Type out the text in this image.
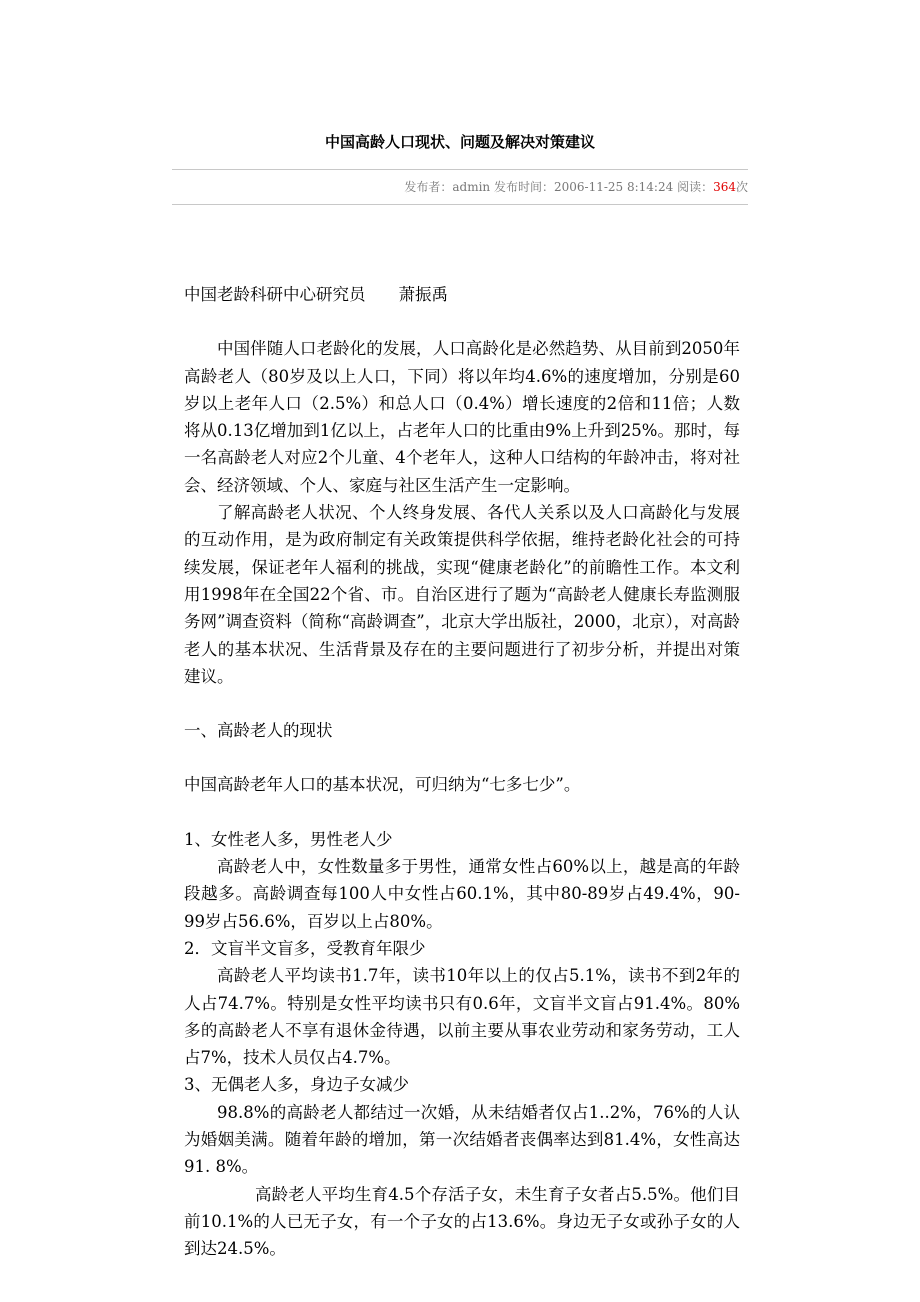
中国高龄人口现状、问题及解决对策建议
发布者：admin 发布时间：2006-11-25 8:14:24 阅读：364次

中国老龄科研中心研究员 萧振禹

中国伴随人口老龄化的发展，人口高龄化是必然趋势、从目前到2050年高龄老人（80岁及以上人口，下同）将以年均4.6%的速度增加，分别是60岁以上老年人口（2.5%）和总人口（0.4%）增长速度的2倍和11倍；人数将从0.13亿增加到1亿以上，占老年人口的比重由9%上升到25%。那时，每一名高龄老人对应2个儿童、4个老年人，这种人口结构的年龄冲击，将对社会、经济领域、个人、家庭与社区生活产生一定影响。

了解高龄老人状况、个人终身发展、各代人关系以及人口高龄化与发展的互动作用，是为政府制定有关政策提供科学依据，维持老龄化社会的可持续发展，保证老年人福利的挑战，实现“健康老龄化”的前瞻性工作。本文利用1998年在全国22个省、市。自治区进行了题为“高龄老人健康长寿监测服务网”调查资料（简称“高龄调查”，北京大学出版社，2000，北京），对高龄老人的基本状况、生活背景及存在的主要问题进行了初步分析，并提出对策建议。

一、高龄老人的现状

中国高龄老年人口的基本状况，可归纳为“七多七少”。

1、女性老人多，男性老人少

高龄老人中，女性数量多于男性，通常女性占60%以上，越是高的年龄段越多。高龄调查每100人中女性占60.1%，其中80-89岁占49.4%，90-99岁占56.6%，百岁以上占80%。

2．文盲半文盲多，受教育年限少

高龄老人平均读书1.7年，读书10年以上的仅占5.1%，读书不到2年的人占74.7%。特别是女性平均读书只有0.6年，文盲半文盲占91.4%。80%多的高龄老人不享有退休金待遇，以前主要从事农业劳动和家务劳动，工人占7%，技术人员仅占4.7%。

3、无偶老人多，身边子女减少

98.8%的高龄老人都结过一次婚，从未结婚者仅占1..2%，76%的人认为婚姻美满。随着年龄的增加，第一次结婚者丧偶率达到81.4%，女性高达91. 8%。

高龄老人平均生育4.5个存活子女，未生育子女者占5.5%。他们目前10.1%的人已无子女，有一个子女的占13.6%。身边无子女或孙子女的人到达24.5%。
